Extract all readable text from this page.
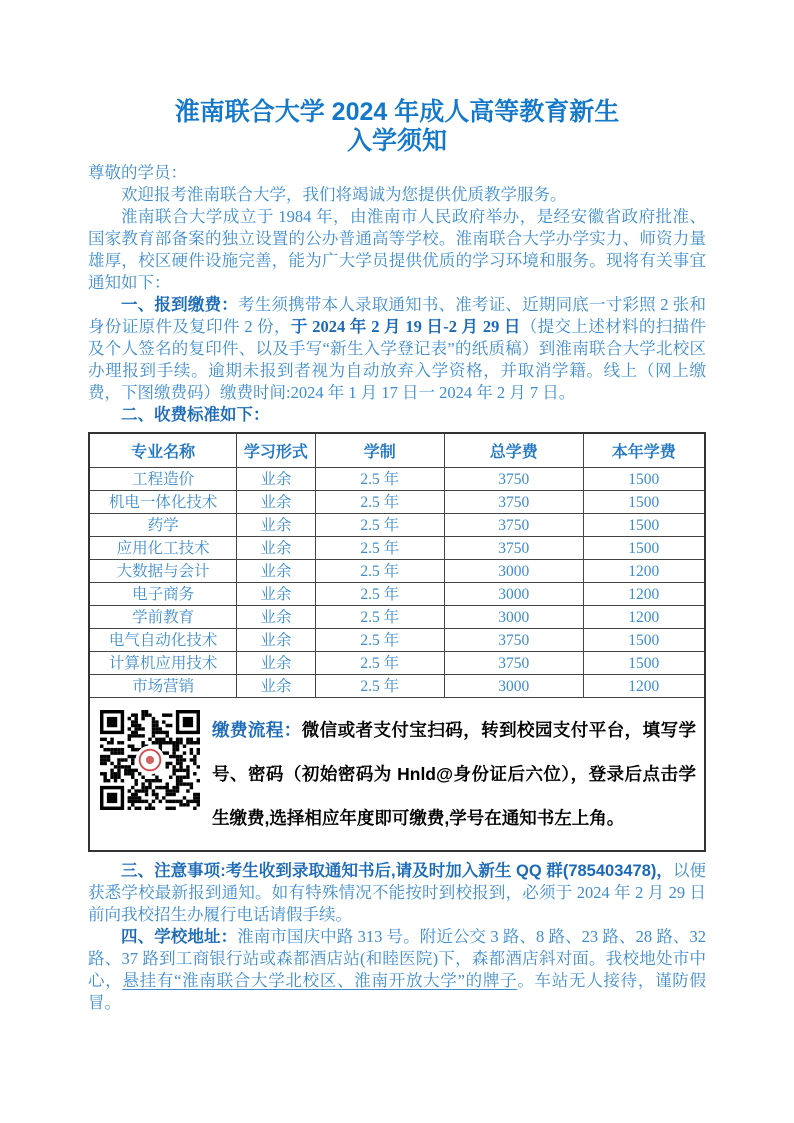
淮南联合大学 2024 年成人高等教育新生
入学须知

尊敬的学员：

欢迎报考淮南联合大学，我们将竭诚为您提供优质教学服务。

淮南联合大学成立于 1984 年，由淮南市人民政府举办，是经安徽省政府批准、国家教育部备案的独立设置的公办普通高等学校。淮南联合大学办学实力、师资力量雄厚，校区硬件设施完善，能为广大学员提供优质的学习环境和服务。现将有关事宜通知如下：

一、报到缴费：考生须携带本人录取通知书、准考证、近期同底一寸彩照 2 张和身份证原件及复印件 2 份，于 2024 年 2 月 19 日-2 月 29 日（提交上述材料的扫描件及个人签名的复印件、以及手写“新生入学登记表”的纸质稿）到淮南联合大学北校区办理报到手续。逾期未报到者视为自动放弃入学资格，并取消学籍。线上（网上缴费，下图缴费码）缴费时间:2024 年 1 月 17 日一 2024 年 2 月 7 日。

二、收费标准如下：

专业名称	学习形式	学制	总学费	本年学费
工程造价	业余	2.5 年	3750	1500
机电一体化技术	业余	2.5 年	3750	1500
药学	业余	2.5 年	3750	1500
应用化工技术	业余	2.5 年	3750	1500
大数据与会计	业余	2.5 年	3000	1200
电子商务	业余	2.5 年	3000	1200
学前教育	业余	2.5 年	3000	1200
电气自动化技术	业余	2.5 年	3750	1500
计算机应用技术	业余	2.5 年	3750	1500
市场营销	业余	2.5 年	3000	1200

缴费流程：微信或者支付宝扫码，转到校园支付平台，填写学号、密码（初始密码为 Hnld@身份证后六位），登录后点击学生缴费,选择相应年度即可缴费,学号在通知书左上角。				

三、注意事项:考生收到录取通知书后,请及时加入新生 QQ 群(785403478)，以便获悉学校最新报到通知。如有特殊情况不能按时到校报到，必须于 2024 年 2 月 29 日前向我校招生办履行电话请假手续。

四、学校地址：淮南市国庆中路 313 号。附近公交 3 路、8 路、23 路、28 路、32 路、37 路到工商银行站或森都酒店站(和睦医院)下，森都酒店斜对面。我校地处市中心，悬挂有“淮南联合大学北校区、淮南开放大学”的牌子。车站无人接待，谨防假冒。
